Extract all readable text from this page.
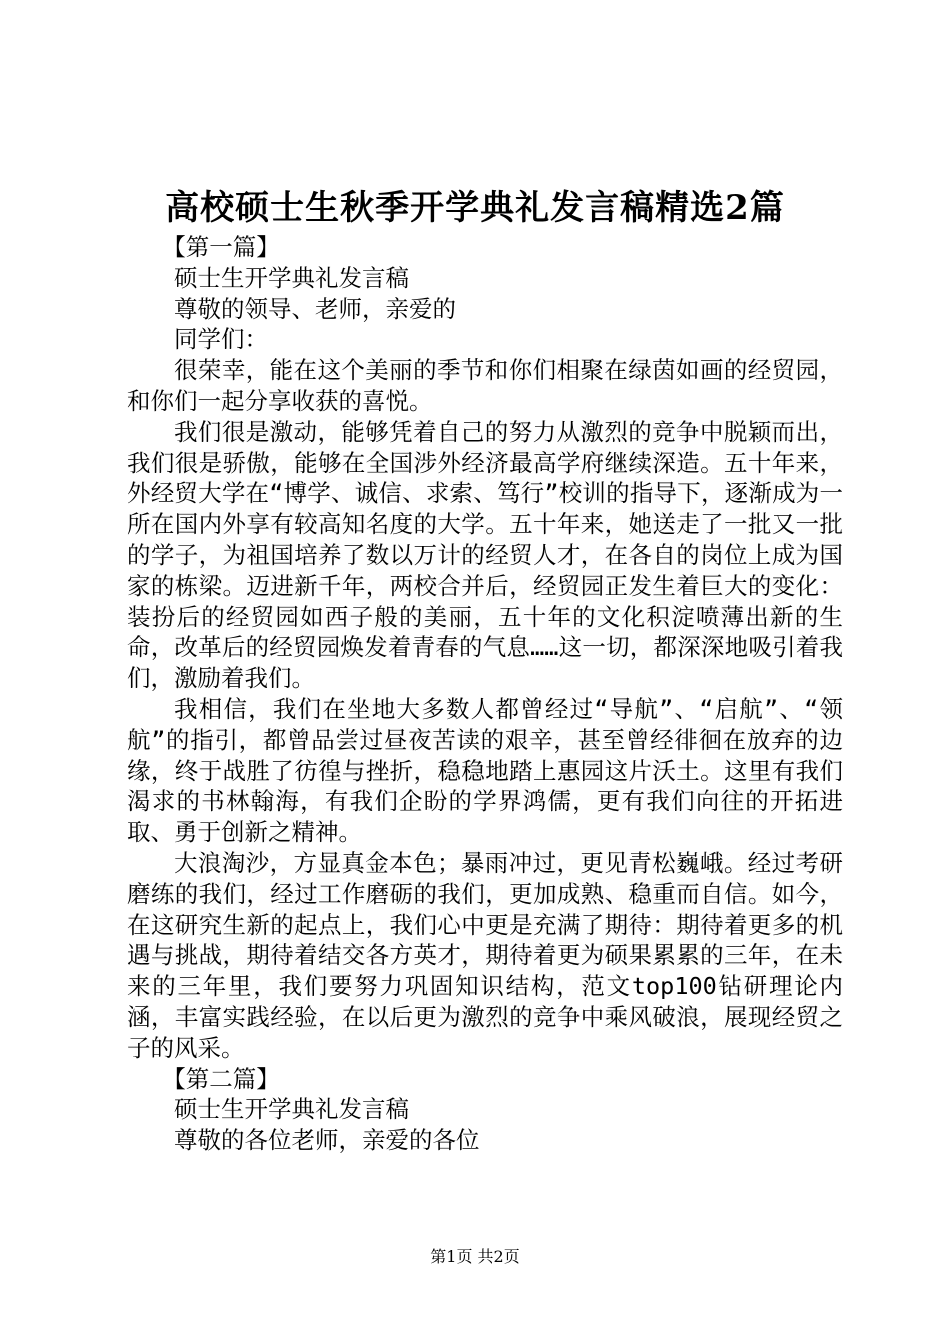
高校硕士生秋季开学典礼发言稿精选2篇

【第一篇】

硕士生开学典礼发言稿

尊敬的领导、老师，亲爱的

同学们：

很荣幸，能在这个美丽的季节和你们相聚在绿茵如画的经贸园，和你们一起分享收获的喜悦。

我们很是激动，能够凭着自己的努力从激烈的竞争中脱颖而出，我们很是骄傲，能够在全国涉外经济最高学府继续深造。五十年来，外经贸大学在“博学、诚信、求索、笃行”校训的指导下，逐渐成为一所在国内外享有较高知名度的大学。五十年来，她送走了一批又一批的学子，为祖国培养了数以万计的经贸人才，在各自的岗位上成为国家的栋梁。迈进新千年，两校合并后，经贸园正发生着巨大的变化：装扮后的经贸园如西子般的美丽，五十年的文化积淀喷薄出新的生命，改革后的经贸园焕发着青春的气息……这一切，都深深地吸引着我们，激励着我们。

我相信，我们在坐地大多数人都曾经过“导航”、“启航”、“领航”的指引，都曾品尝过昼夜苦读的艰辛，甚至曾经徘徊在放弃的边缘，终于战胜了彷徨与挫折，稳稳地踏上惠园这片沃土。这里有我们渴求的书林翰海，有我们企盼的学界鸿儒，更有我们向往的开拓进取、勇于创新之精神。

大浪淘沙，方显真金本色；暴雨冲过，更见青松巍峨。经过考研磨练的我们，经过工作磨砺的我们，更加成熟、稳重而自信。如今，在这研究生新的起点上，我们心中更是充满了期待：期待着更多的机遇与挑战，期待着结交各方英才，期待着更为硕果累累的三年，在未来的三年里，我们要努力巩固知识结构，范文top100钻研理论内涵，丰富实践经验，在以后更为激烈的竞争中乘风破浪，展现经贸之子的风采。

【第二篇】

硕士生开学典礼发言稿

尊敬的各位老师，亲爱的各位

第1页 共2页
